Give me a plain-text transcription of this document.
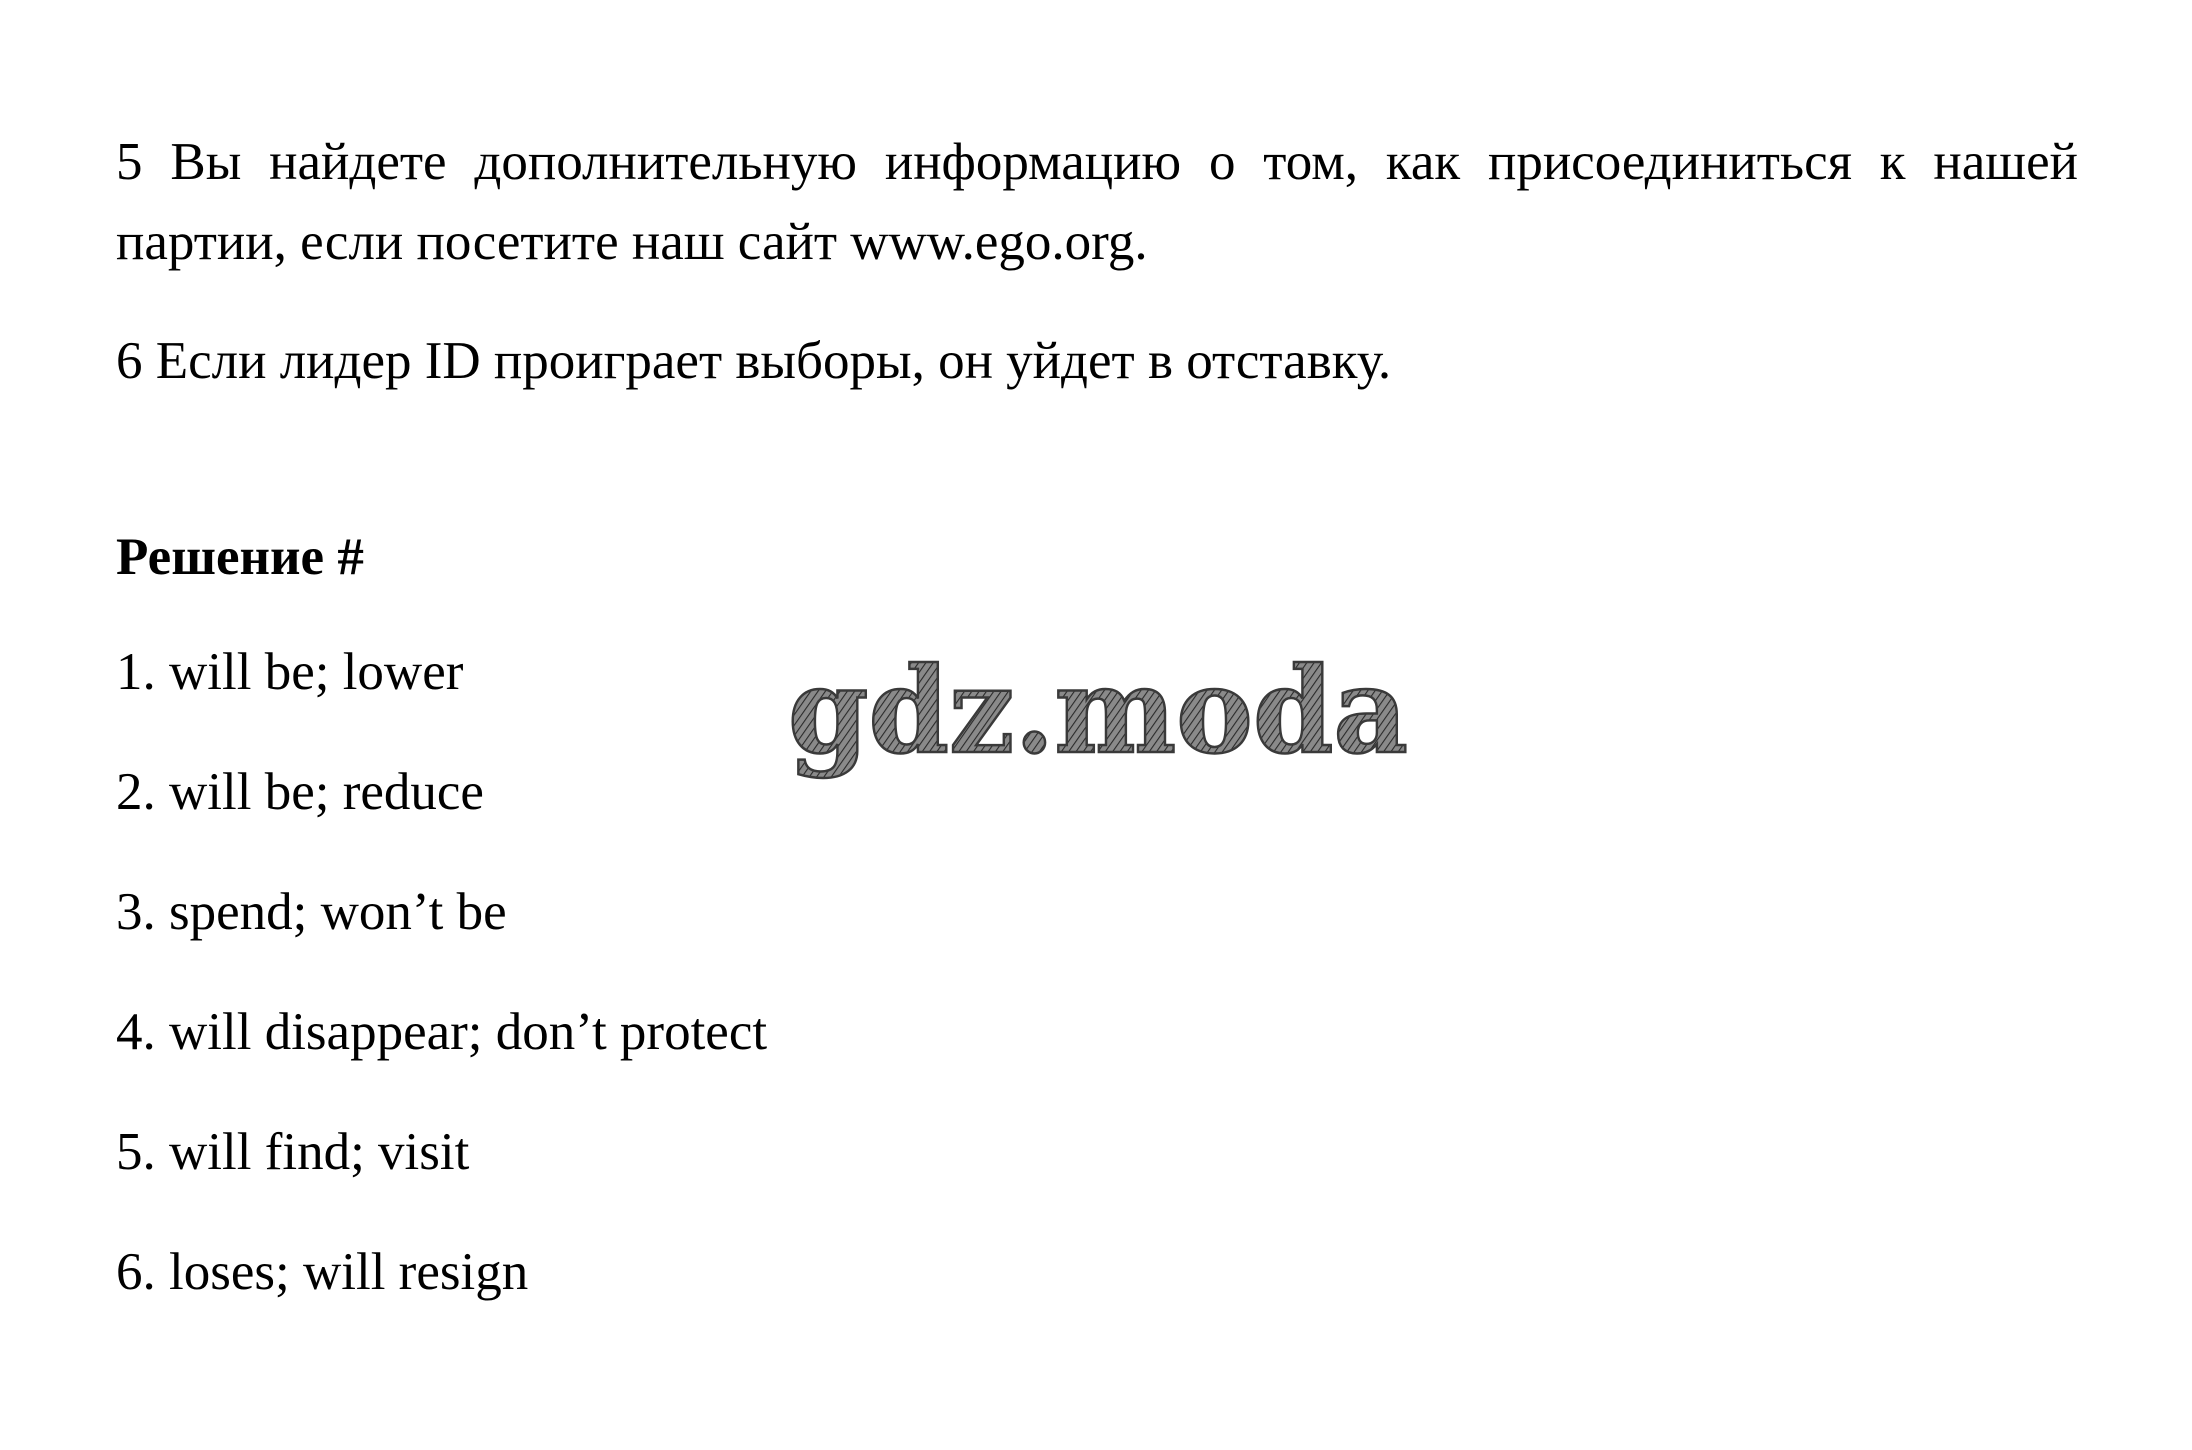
5 Вы найдете дополнительную информацию о том, как присоединиться к нашей партии, если посетите наш сайт www.ego.org.

6 Если лидер ID проиграет выборы, он уйдет в отставку.

Решение #

1. will be; lower

2. will be; reduce

3. spend; won’t be

4. will disappear; don’t protect

5. will find; visit

6. loses; will resign

gdz.moda
